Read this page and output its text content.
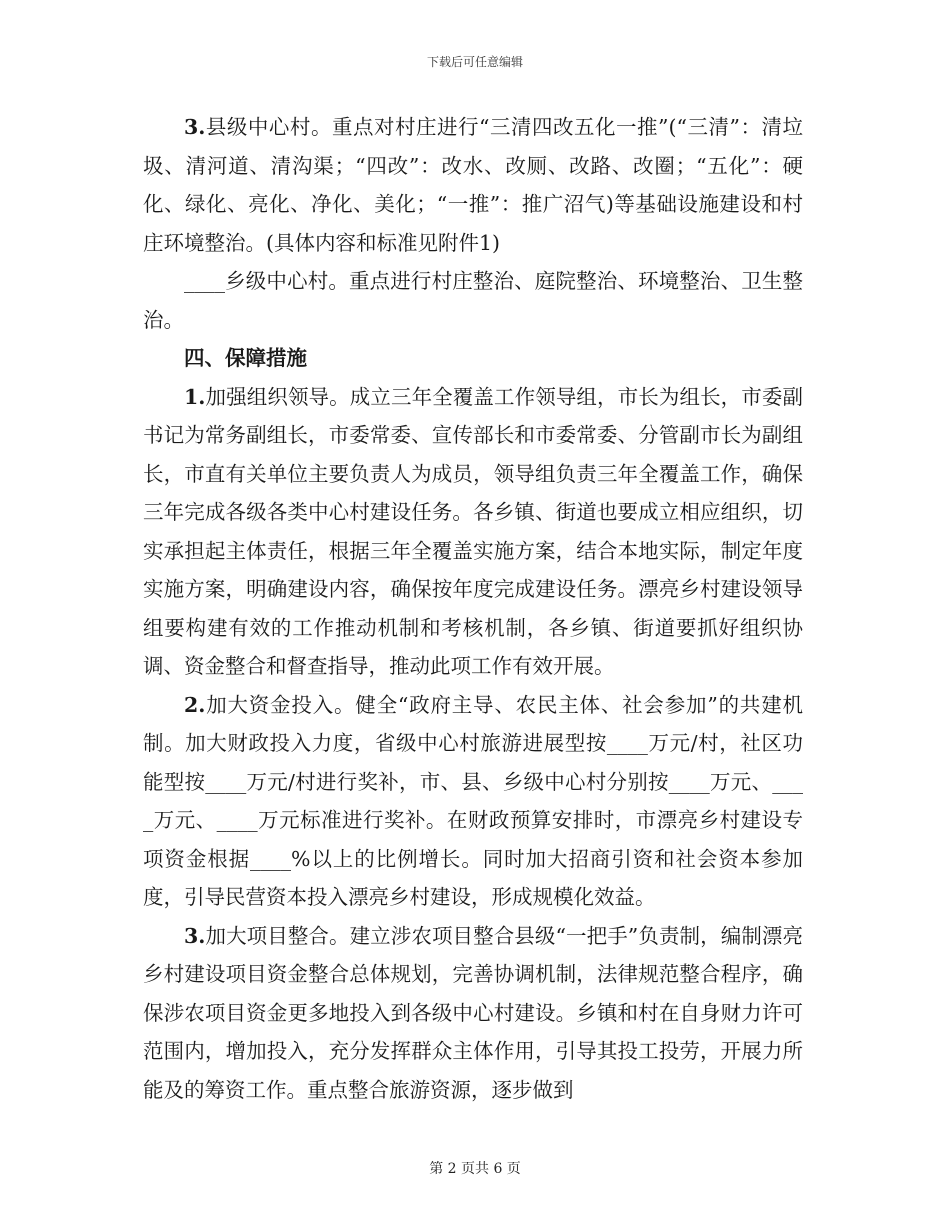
下载后可任意编辑

3.县级中心村。重点对村庄进行“三清四改五化一推”(“三清”：清垃圾、清河道、清沟渠；“四改”：改水、改厕、改路、改圈；“五化”：硬化、绿化、亮化、净化、美化；“一推”：推广沼气)等基础设施建设和村庄环境整治。(具体内容和标准见附件1)

____乡级中心村。重点进行村庄整治、庭院整治、环境整治、卫生整治。

四、保障措施

1.加强组织领导。成立三年全覆盖工作领导组，市长为组长，市委副书记为常务副组长，市委常委、宣传部长和市委常委、分管副市长为副组长，市直有关单位主要负责人为成员，领导组负责三年全覆盖工作，确保三年完成各级各类中心村建设任务。各乡镇、街道也要成立相应组织，切实承担起主体责任，根据三年全覆盖实施方案，结合本地实际，制定年度实施方案，明确建设内容，确保按年度完成建设任务。漂亮乡村建设领导组要构建有效的工作推动机制和考核机制，各乡镇、街道要抓好组织协调、资金整合和督查指导，推动此项工作有效开展。

2.加大资金投入。健全“政府主导、农民主体、社会参加”的共建机制。加大财政投入力度，省级中心村旅游进展型按____万元/村，社区功能型按____万元/村进行奖补，市、县、乡级中心村分别按____万元、____万元、____万元标准进行奖补。在财政预算安排时，市漂亮乡村建设专项资金根据____%以上的比例增长。同时加大招商引资和社会资本参加度，引导民营资本投入漂亮乡村建设，形成规模化效益。

3.加大项目整合。建立涉农项目整合县级“一把手”负责制，编制漂亮乡村建设项目资金整合总体规划，完善协调机制，法律规范整合程序，确保涉农项目资金更多地投入到各级中心村建设。乡镇和村在自身财力许可范围内，增加投入，充分发挥群众主体作用，引导其投工投劳，开展力所能及的筹资工作。重点整合旅游资源，逐步做到

第 2 页共 6 页
